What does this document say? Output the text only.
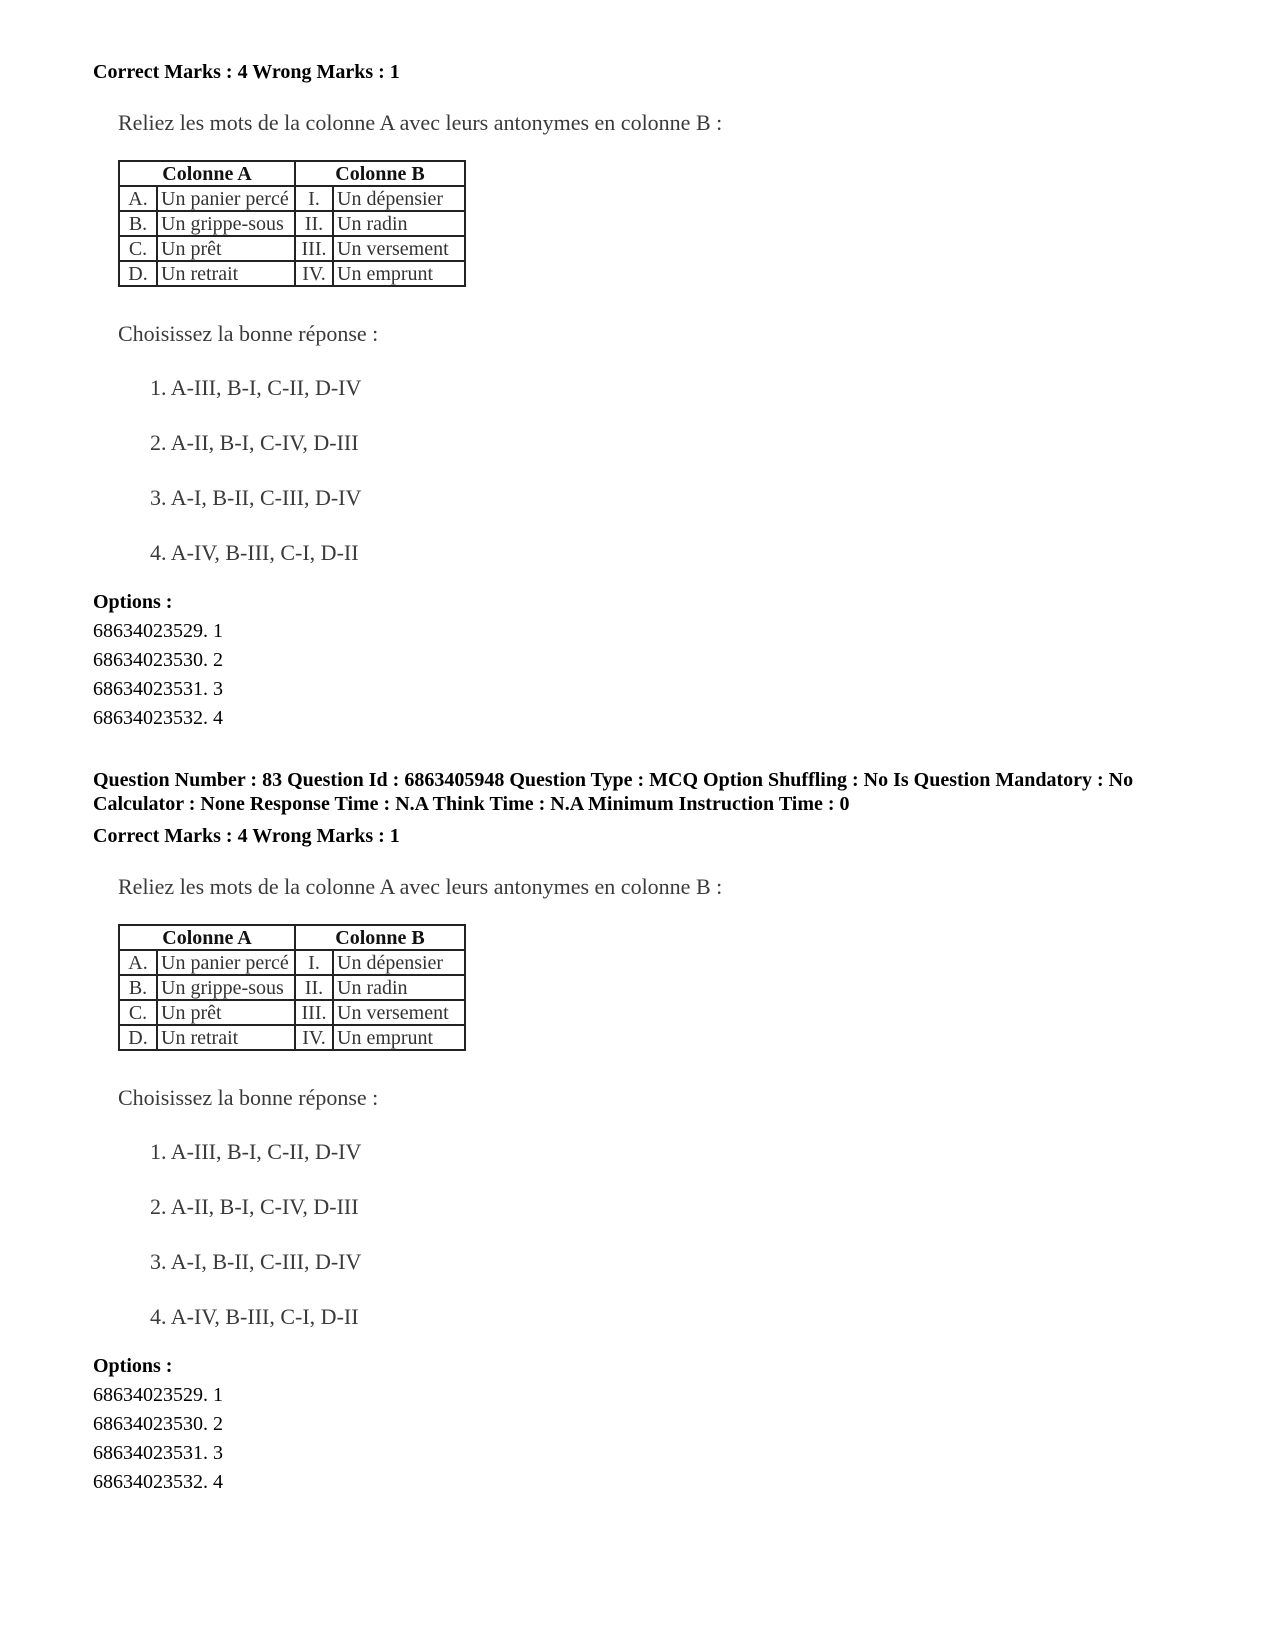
Correct Marks : 4 Wrong Marks : 1

Reliez les mots de la colonne A avec leurs antonymes en colonne B :
Colonne A		Colonne B	
A.	Un panier percé	I.	Un dépensier
B.	Un grippe-sous	II.	Un radin
C.	Un prêt	III.	Un versement
D.	Un retrait	IV.	Un emprunt
Choisissez la bonne réponse :
1. A-III, B-I, C-II, D-IV
2. A-II, B-I, C-IV, D-III
3. A-I, B-II, C-III, D-IV
4. A-IV, B-III, C-I, D-II
Options :
68634023529. 1
68634023530. 2
68634023531. 3
68634023532. 4

Question Number : 83 Question Id : 6863405948 Question Type : MCQ Option Shuffling : No Is Question Mandatory : No Calculator : None Response Time : N.A Think Time : N.A Minimum Instruction Time : 0

Correct Marks : 4 Wrong Marks : 1

Reliez les mots de la colonne A avec leurs antonymes en colonne B :
Colonne A		Colonne B	
A.	Un panier percé	I.	Un dépensier
B.	Un grippe-sous	II.	Un radin
C.	Un prêt	III.	Un versement
D.	Un retrait	IV.	Un emprunt
Choisissez la bonne réponse :
1. A-III, B-I, C-II, D-IV
2. A-II, B-I, C-IV, D-III
3. A-I, B-II, C-III, D-IV
4. A-IV, B-III, C-I, D-II
Options :
68634023529. 1
68634023530. 2
68634023531. 3
68634023532. 4
